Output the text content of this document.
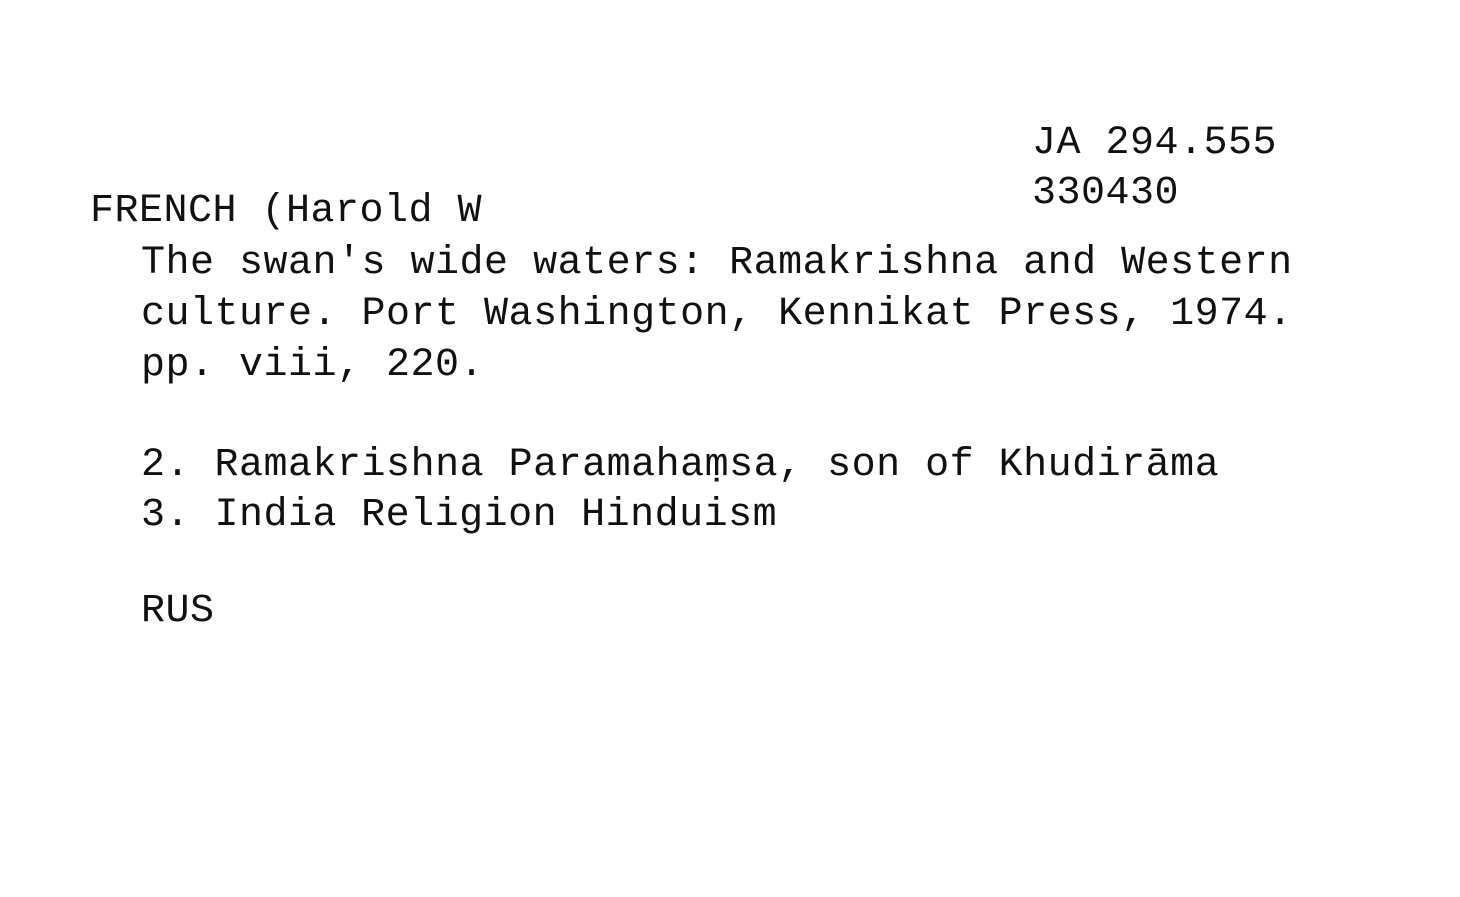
JA 294.555
330430
FRENCH (Harold W
The swan's wide waters: Ramakrishna and Western
culture. Port Washington, Kennikat Press, 1974.
pp. viii, 220.
2. Ramakrishna Paramahaṃsa, son of Khudirāma
3. India Religion Hinduism
RUS
